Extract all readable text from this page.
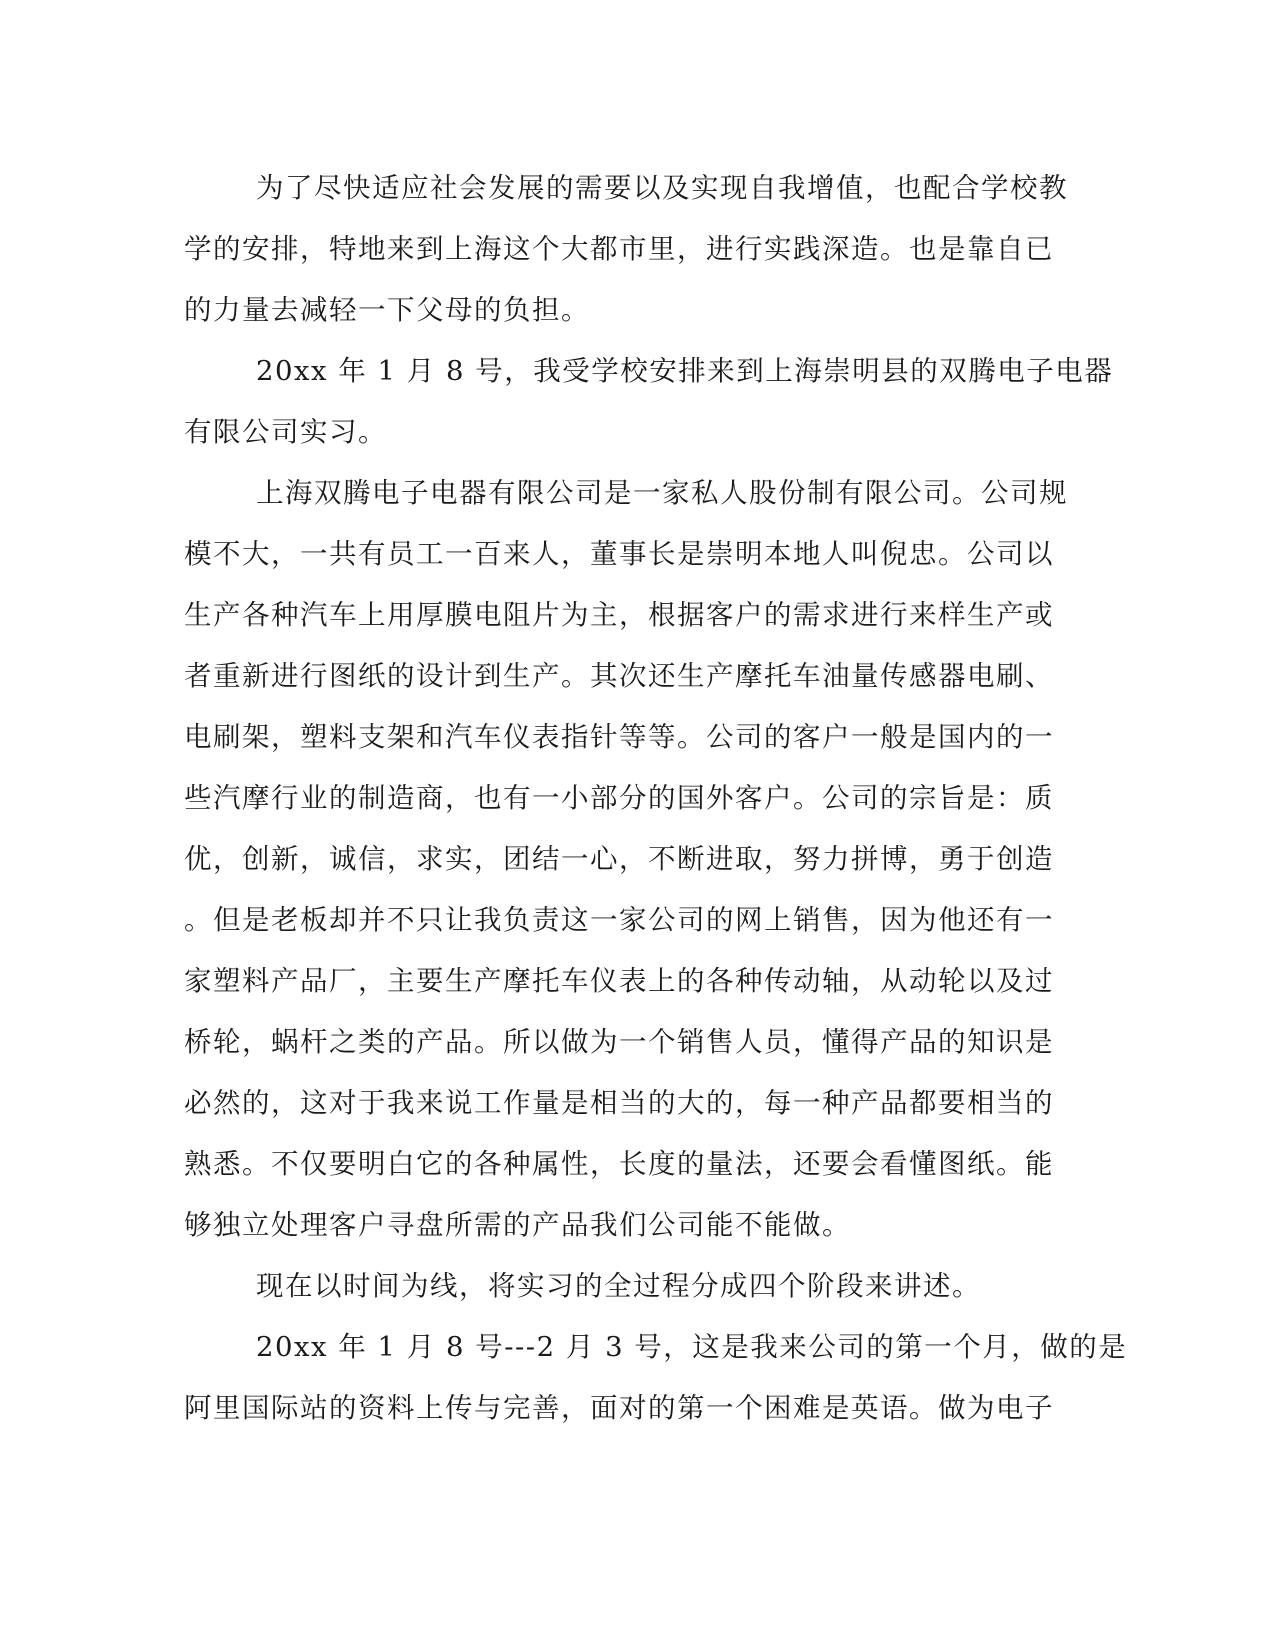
为了尽快适应社会发展的需要以及实现自我增值，也配合学校教
学的安排，特地来到上海这个大都市里，进行实践深造。也是靠自已
的力量去减轻一下父母的负担。
20xx 年 1 月 8 号，我受学校安排来到上海崇明县的双腾电子电器
有限公司实习。
上海双腾电子电器有限公司是一家私人股份制有限公司。公司规
模不大，一共有员工一百来人，董事长是崇明本地人叫倪忠。公司以
生产各种汽车上用厚膜电阻片为主，根据客户的需求进行来样生产或
者重新进行图纸的设计到生产。其次还生产摩托车油量传感器电刷、
电刷架，塑料支架和汽车仪表指针等等。公司的客户一般是国内的一
些汽摩行业的制造商，也有一小部分的国外客户。公司的宗旨是：质
优，创新，诚信，求实，团结一心，不断进取，努力拼博，勇于创造
。但是老板却并不只让我负责这一家公司的网上销售，因为他还有一
家塑料产品厂，主要生产摩托车仪表上的各种传动轴，从动轮以及过
桥轮，蜗杆之类的产品。所以做为一个销售人员，懂得产品的知识是
必然的，这对于我来说工作量是相当的大的，每一种产品都要相当的
熟悉。不仅要明白它的各种属性，长度的量法，还要会看懂图纸。能
够独立处理客户寻盘所需的产品我们公司能不能做。
现在以时间为线，将实习的全过程分成四个阶段来讲述。
20xx 年 1 月 8 号---2 月 3 号，这是我来公司的第一个月，做的是
阿里国际站的资料上传与完善，面对的第一个困难是英语。做为电子
